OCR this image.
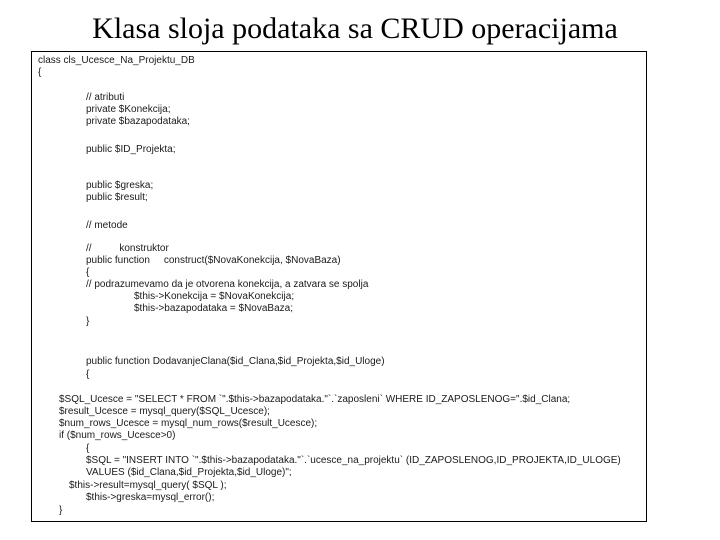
Klasa sloja podataka sa CRUD operacijama
class cls_Ucesce_Na_Projektu_DB
{
// atributi
private $Konekcija;
private $bazapodataka;
public $ID_Projekta;
public $greska;
public $result;
// metode
//          konstruktor
public function     construct($NovaKonekcija, $NovaBaza)
{
// podrazumevamo da je otvorena konekcija, a zatvara se spolja
$this->Konekcija = $NovaKonekcija;
$this->bazapodataka = $NovaBaza;
}
public function DodavanjeClana($id_Clana,$id_Projekta,$id_Uloge)
{
$SQL_Ucesce = "SELECT * FROM `".$this->bazapodataka."`.`zaposleni` WHERE ID_ZAPOSLENOG=".$id_Clana;
$result_Ucesce = mysql_query($SQL_Ucesce);
$num_rows_Ucesce = mysql_num_rows($result_Ucesce);
if ($num_rows_Ucesce>0)
{
$SQL = "INSERT INTO `".$this->bazapodataka."`.`ucesce_na_projektu` (ID_ZAPOSLENOG,ID_PROJEKTA,ID_ULOGE)
VALUES ($id_Clana,$id_Projekta,$id_Uloge)";
$this->result=mysql_query( $SQL );
$this->greska=mysql_error();
}
